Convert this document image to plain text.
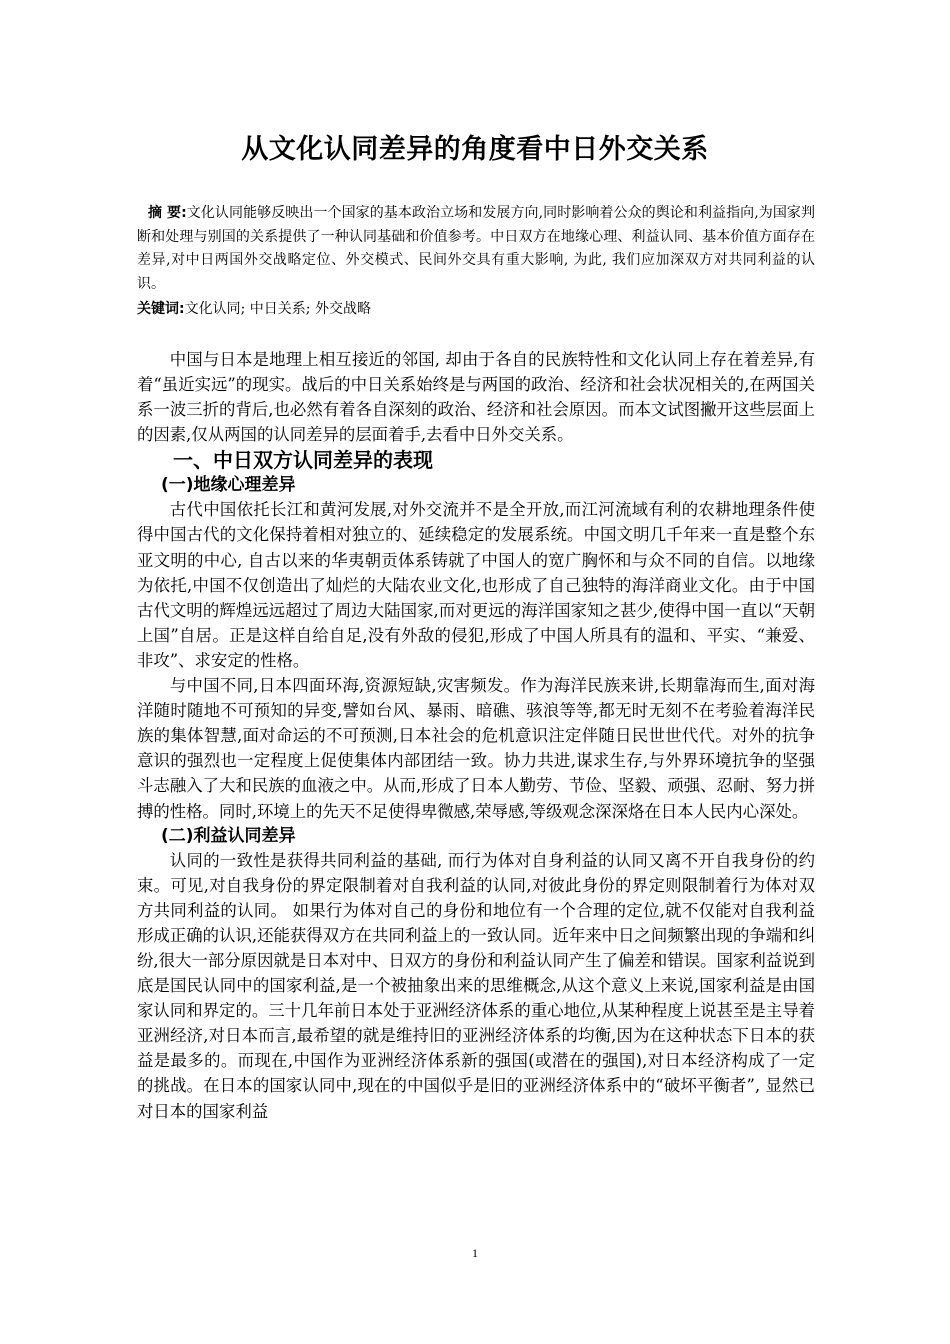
从文化认同差异的角度看中日外交关系

摘 要:文化认同能够反映出一个国家的基本政治立场和发展方向,同时影响着公众的舆论和利益指向,为国家判断和处理与别国的关系提供了一种认同基础和价值参考。中日双方在地缘心理、利益认同、基本价值方面存在差异,对中日两国外交战略定位、外交模式、民间外交具有重大影响, 为此, 我们应加深双方对共同利益的认识。

关键词:文化认同; 中日关系; 外交战略

中国与日本是地理上相互接近的邻国, 却由于各自的民族特性和文化认同上存在着差异,有着“虽近实远”的现实。战后的中日关系始终是与两国的政治、经济和社会状况相关的,在两国关系一波三折的背后,也必然有着各自深刻的政治、经济和社会原因。而本文试图撇开这些层面上的因素,仅从两国的认同差异的层面着手,去看中日外交关系。

一、中日双方认同差异的表现
(一)地缘心理差异

古代中国依托长江和黄河发展,对外交流并不是全开放,而江河流域有利的农耕地理条件使得中国古代的文化保持着相对独立的、延续稳定的发展系统。中国文明几千年来一直是整个东亚文明的中心, 自古以来的华夷朝贡体系铸就了中国人的宽广胸怀和与众不同的自信。以地缘为依托,中国不仅创造出了灿烂的大陆农业文化,也形成了自己独特的海洋商业文化。由于中国古代文明的辉煌远远超过了周边大陆国家,而对更远的海洋国家知之甚少,使得中国一直以“天朝上国”自居。正是这样自给自足,没有外敌的侵犯,形成了中国人所具有的温和、平实、“兼爱、非攻”、求安定的性格。

与中国不同,日本四面环海,资源短缺,灾害频发。作为海洋民族来讲,长期靠海而生,面对海洋随时随地不可预知的异变,譬如台风、暴雨、暗礁、骇浪等等,都无时无刻不在考验着海洋民族的集体智慧,面对命运的不可预测,日本社会的危机意识注定伴随日民世世代代。对外的抗争意识的强烈也一定程度上促使集体内部团结一致。协力共进,谋求生存,与外界环境抗争的坚强斗志融入了大和民族的血液之中。从而,形成了日本人勤劳、节俭、坚毅、顽强、忍耐、努力拼搏的性格。同时,环境上的先天不足使得卑微感,荣辱感,等级观念深深烙在日本人民内心深处。

(二)利益认同差异

认同的一致性是获得共同利益的基础, 而行为体对自身利益的认同又离不开自我身份的约束。可见,对自我身份的界定限制着对自我利益的认同,对彼此身份的界定则限制着行为体对双方共同利益的认同。 如果行为体对自己的身份和地位有一个合理的定位,就不仅能对自我利益形成正确的认识,还能获得双方在共同利益上的一致认同。近年来中日之间频繁出现的争端和纠纷,很大一部分原因就是日本对中、日双方的身份和利益认同产生了偏差和错误。国家利益说到底是国民认同中的国家利益,是一个被抽象出来的思维概念,从这个意义上来说,国家利益是由国家认同和界定的。三十几年前日本处于亚洲经济体系的重心地位,从某种程度上说甚至是主导着亚洲经济,对日本而言,最希望的就是维持旧的亚洲经济体系的均衡,因为在这种状态下日本的获益是最多的。而现在,中国作为亚洲经济体系新的强国(或潜在的强国),对日本经济构成了一定的挑战。在日本的国家认同中,现在的中国似乎是旧的亚洲经济体系中的“破坏平衡者”, 显然已对日本的国家利益

1
